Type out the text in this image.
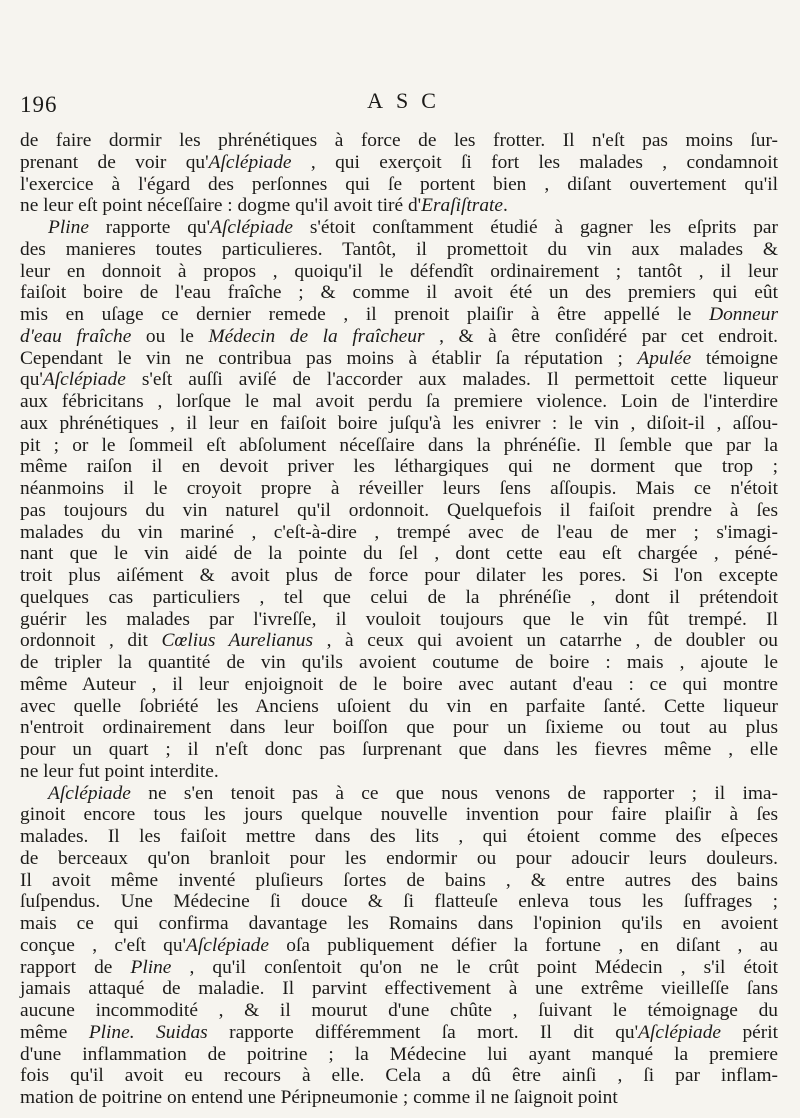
196	ASC

de faire dormir les phrénétiques à force de les frotter. Il n'eſt pas moins ſur-
prenant de voir qu'Aſclépiade , qui exerçoit ſi fort les malades , condamnoit
l'exercice à l'égard des perſonnes qui ſe portent bien , diſant ouvertement qu'il
ne leur eſt point néceſſaire : dogme qu'il avoit tiré d'Eraſiſtrate.

Pline rapporte qu'Aſclépiade s'étoit conſtamment étudié à gagner les eſprits par
des manieres toutes particulieres. Tantôt, il promettoit du vin aux malades &
leur en donnoit à propos , quoiqu'il le défendît ordinairement ; tantôt , il leur
faiſoit boire de l'eau fraîche ; & comme il avoit été un des premiers qui eût
mis en uſage ce dernier remede , il prenoit plaiſir à être appellé le Donneur
d'eau fraîche ou le Médecin de la fraîcheur , & à être conſidéré par cet endroit.
Cependant le vin ne contribua pas moins à établir ſa réputation ; Apulée témoigne
qu'Aſclépiade s'eſt auſſi aviſé de l'accorder aux malades. Il permettoit cette liqueur
aux fébricitans , lorſque le mal avoit perdu ſa premiere violence. Loin de l'interdire
aux phrénétiques , il leur en faiſoit boire juſqu'à les enivrer : le vin , diſoit-il , aſſou-
pit ; or le ſommeil eſt abſolument néceſſaire dans la phrénéſie. Il ſemble que par la
même raiſon il en devoit priver les léthargiques qui ne dorment que trop ;
néanmoins il le croyoit propre à réveiller leurs ſens aſſoupis. Mais ce n'étoit
pas toujours du vin naturel qu'il ordonnoit. Quelquefois il faiſoit prendre à ſes
malades du vin mariné , c'eſt-à-dire , trempé avec de l'eau de mer ; s'imagi-
nant que le vin aidé de la pointe du ſel , dont cette eau eſt chargée , péné-
troit plus aiſément & avoit plus de force pour dilater les pores. Si l'on excepte
quelques cas particuliers , tel que celui de la phrénéſie , dont il prétendoit
guérir les malades par l'ivreſſe, il vouloit toujours que le vin fût trempé. Il
ordonnoit , dit Cœlius Aurelianus , à ceux qui avoient un catarrhe , de doubler ou
de tripler la quantité de vin qu'ils avoient coutume de boire : mais , ajoute le
même Auteur , il leur enjoignoit de le boire avec autant d'eau : ce qui montre
avec quelle ſobriété les Anciens uſoient du vin en parfaite ſanté. Cette liqueur
n'entroit ordinairement dans leur boiſſon que pour un ſixieme ou tout au plus
pour un quart ; il n'eſt donc pas ſurprenant que dans les fievres même , elle
ne leur fut point interdite.

Aſclépiade ne s'en tenoit pas à ce que nous venons de rapporter ; il ima-
ginoit encore tous les jours quelque nouvelle invention pour faire plaiſir à ſes
malades. Il les faiſoit mettre dans des lits , qui étoient comme des eſpeces
de berceaux qu'on branloit pour les endormir ou pour adoucir leurs douleurs.
Il avoit même inventé pluſieurs ſortes de bains , & entre autres des bains
ſuſpendus. Une Médecine ſi douce & ſi flatteuſe enleva tous les ſuffrages ;
mais ce qui confirma davantage les Romains dans l'opinion qu'ils en avoient
conçue , c'eſt qu'Aſclépiade oſa publiquement défier la fortune , en diſant , au
rapport de Pline , qu'il conſentoit qu'on ne le crût point Médecin , s'il étoit
jamais attaqué de maladie. Il parvint effectivement à une extrême vieilleſſe ſans
aucune incommodité , & il mourut d'une chûte , ſuivant le témoignage du
même Pline. Suidas rapporte différemment ſa mort. Il dit qu'Aſclépiade périt
d'une inflammation de poitrine ; la Médecine lui ayant manqué la premiere
fois qu'il avoit eu recours à elle. Cela a dû être ainſi , ſi par inflam-
mation de poitrine on entend une Péripneumonie ; comme il ne ſaignoit point
